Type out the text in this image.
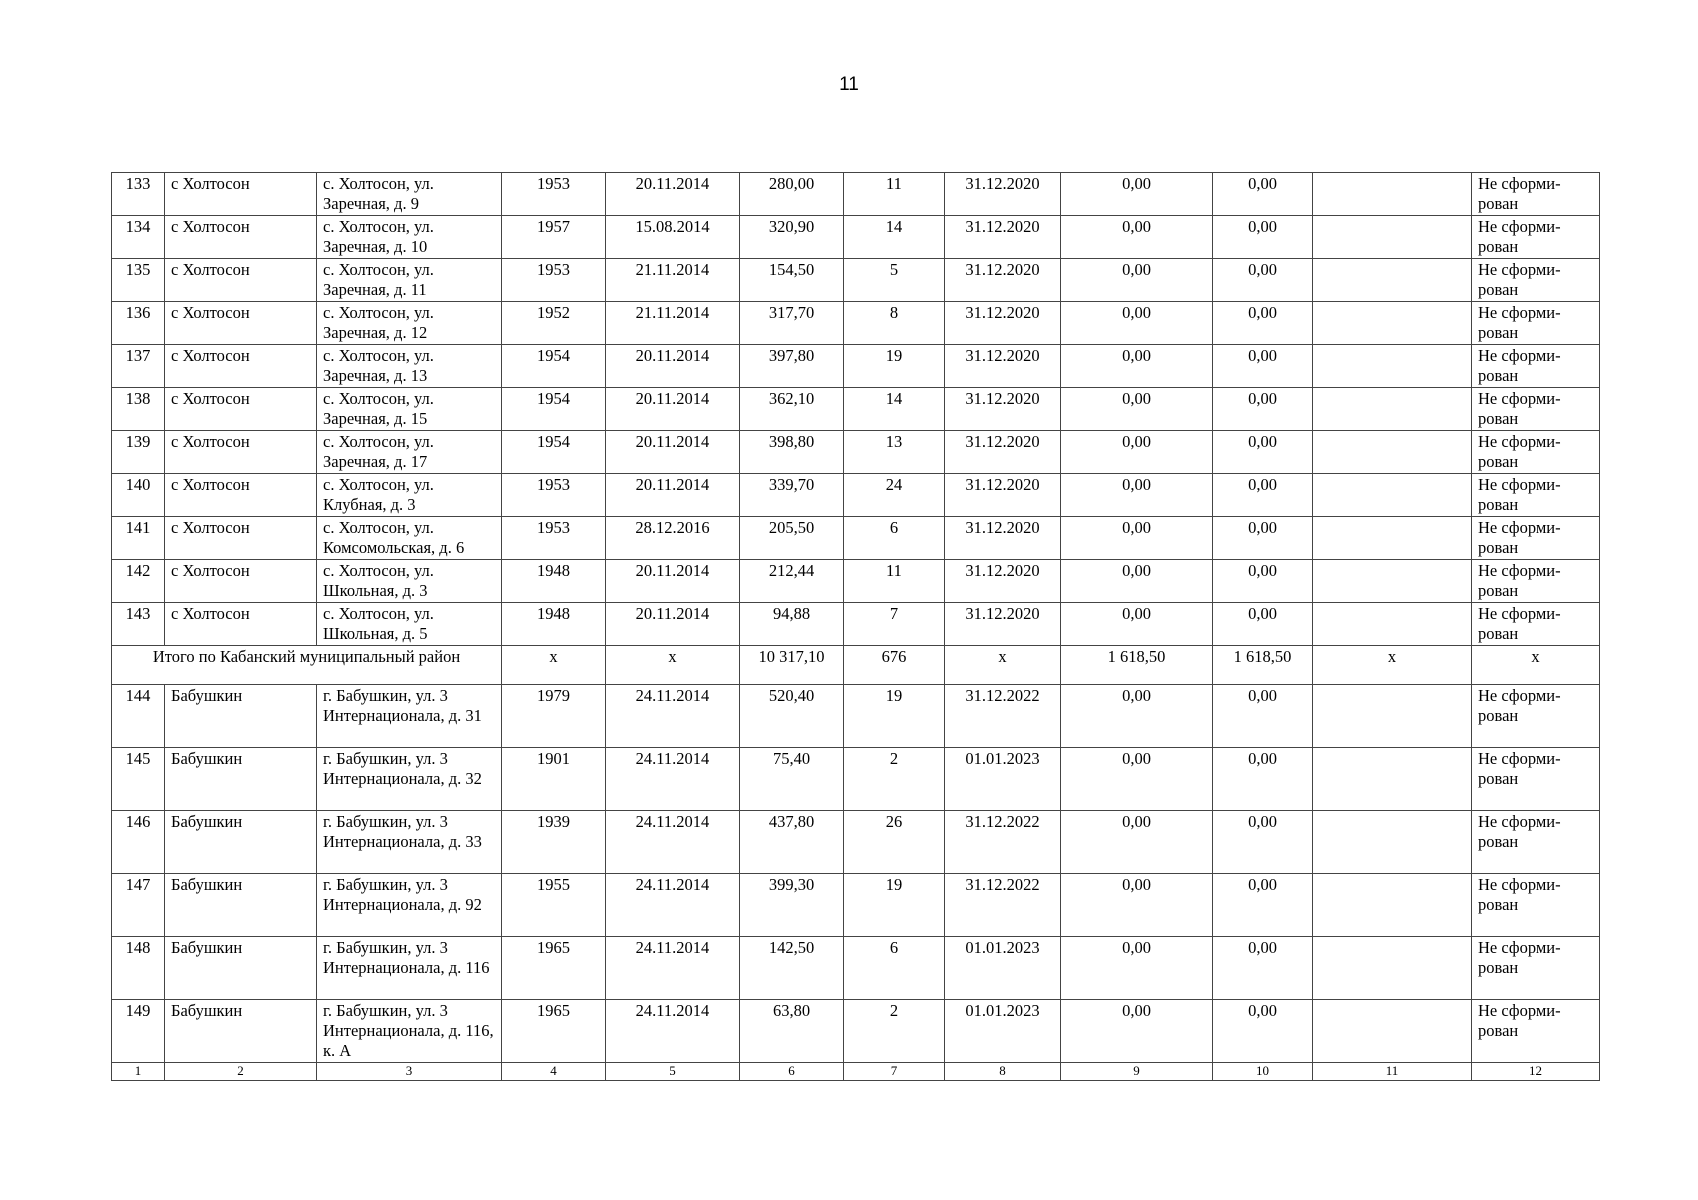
11
133	с Холтосон	с. Холтосон, ул. Заречная, д. 9	1953	20.11.2014	280,00	11	31.12.2020	0,00	0,00		Не сформи-рован
134	с Холтосон	с. Холтосон, ул. Заречная, д. 10	1957	15.08.2014	320,90	14	31.12.2020	0,00	0,00		Не сформи-рован
135	с Холтосон	с. Холтосон, ул. Заречная, д. 11	1953	21.11.2014	154,50	5	31.12.2020	0,00	0,00		Не сформи-рован
136	с Холтосон	с. Холтосон, ул. Заречная, д. 12	1952	21.11.2014	317,70	8	31.12.2020	0,00	0,00		Не сформи-рован
137	с Холтосон	с. Холтосон, ул. Заречная, д. 13	1954	20.11.2014	397,80	19	31.12.2020	0,00	0,00		Не сформи-рован
138	с Холтосон	с. Холтосон, ул. Заречная, д. 15	1954	20.11.2014	362,10	14	31.12.2020	0,00	0,00		Не сформи-рован
139	с Холтосон	с. Холтосон, ул. Заречная, д. 17	1954	20.11.2014	398,80	13	31.12.2020	0,00	0,00		Не сформи-рован
140	с Холтосон	с. Холтосон, ул. Клубная, д. 3	1953	20.11.2014	339,70	24	31.12.2020	0,00	0,00		Не сформи-рован
141	с Холтосон	с. Холтосон, ул. Комсомольская, д. 6	1953	28.12.2016	205,50	6	31.12.2020	0,00	0,00		Не сформи-рован
142	с Холтосон	с. Холтосон, ул. Школьная, д. 3	1948	20.11.2014	212,44	11	31.12.2020	0,00	0,00		Не сформи-рован
143	с Холтосон	с. Холтосон, ул. Школьная, д. 5	1948	20.11.2014	94,88	7	31.12.2020	0,00	0,00		Не сформи-рован
Итого по Кабанский муниципальный район			х	х	10 317,10	676	х	1 618,50	1 618,50	х	х
144	Бабушкин	г. Бабушкин, ул. 3 Интернационала, д. 31	1979	24.11.2014	520,40	19	31.12.2022	0,00	0,00		Не сформи-рован
145	Бабушкин	г. Бабушкин, ул. 3 Интернационала, д. 32	1901	24.11.2014	75,40	2	01.01.2023	0,00	0,00		Не сформи-рован
146	Бабушкин	г. Бабушкин, ул. 3 Интернационала, д. 33	1939	24.11.2014	437,80	26	31.12.2022	0,00	0,00		Не сформи-рован
147	Бабушкин	г. Бабушкин, ул. 3 Интернационала, д. 92	1955	24.11.2014	399,30	19	31.12.2022	0,00	0,00		Не сформи-рован
148	Бабушкин	г. Бабушкин, ул. 3 Интернационала, д. 116	1965	24.11.2014	142,50	6	01.01.2023	0,00	0,00		Не сформи-рован
149	Бабушкин	г. Бабушкин, ул. 3 Интернационала, д. 116, к. А	1965	24.11.2014	63,80	2	01.01.2023	0,00	0,00		Не сформи-рован
1	2	3	4	5	6	7	8	9	10	11	12
